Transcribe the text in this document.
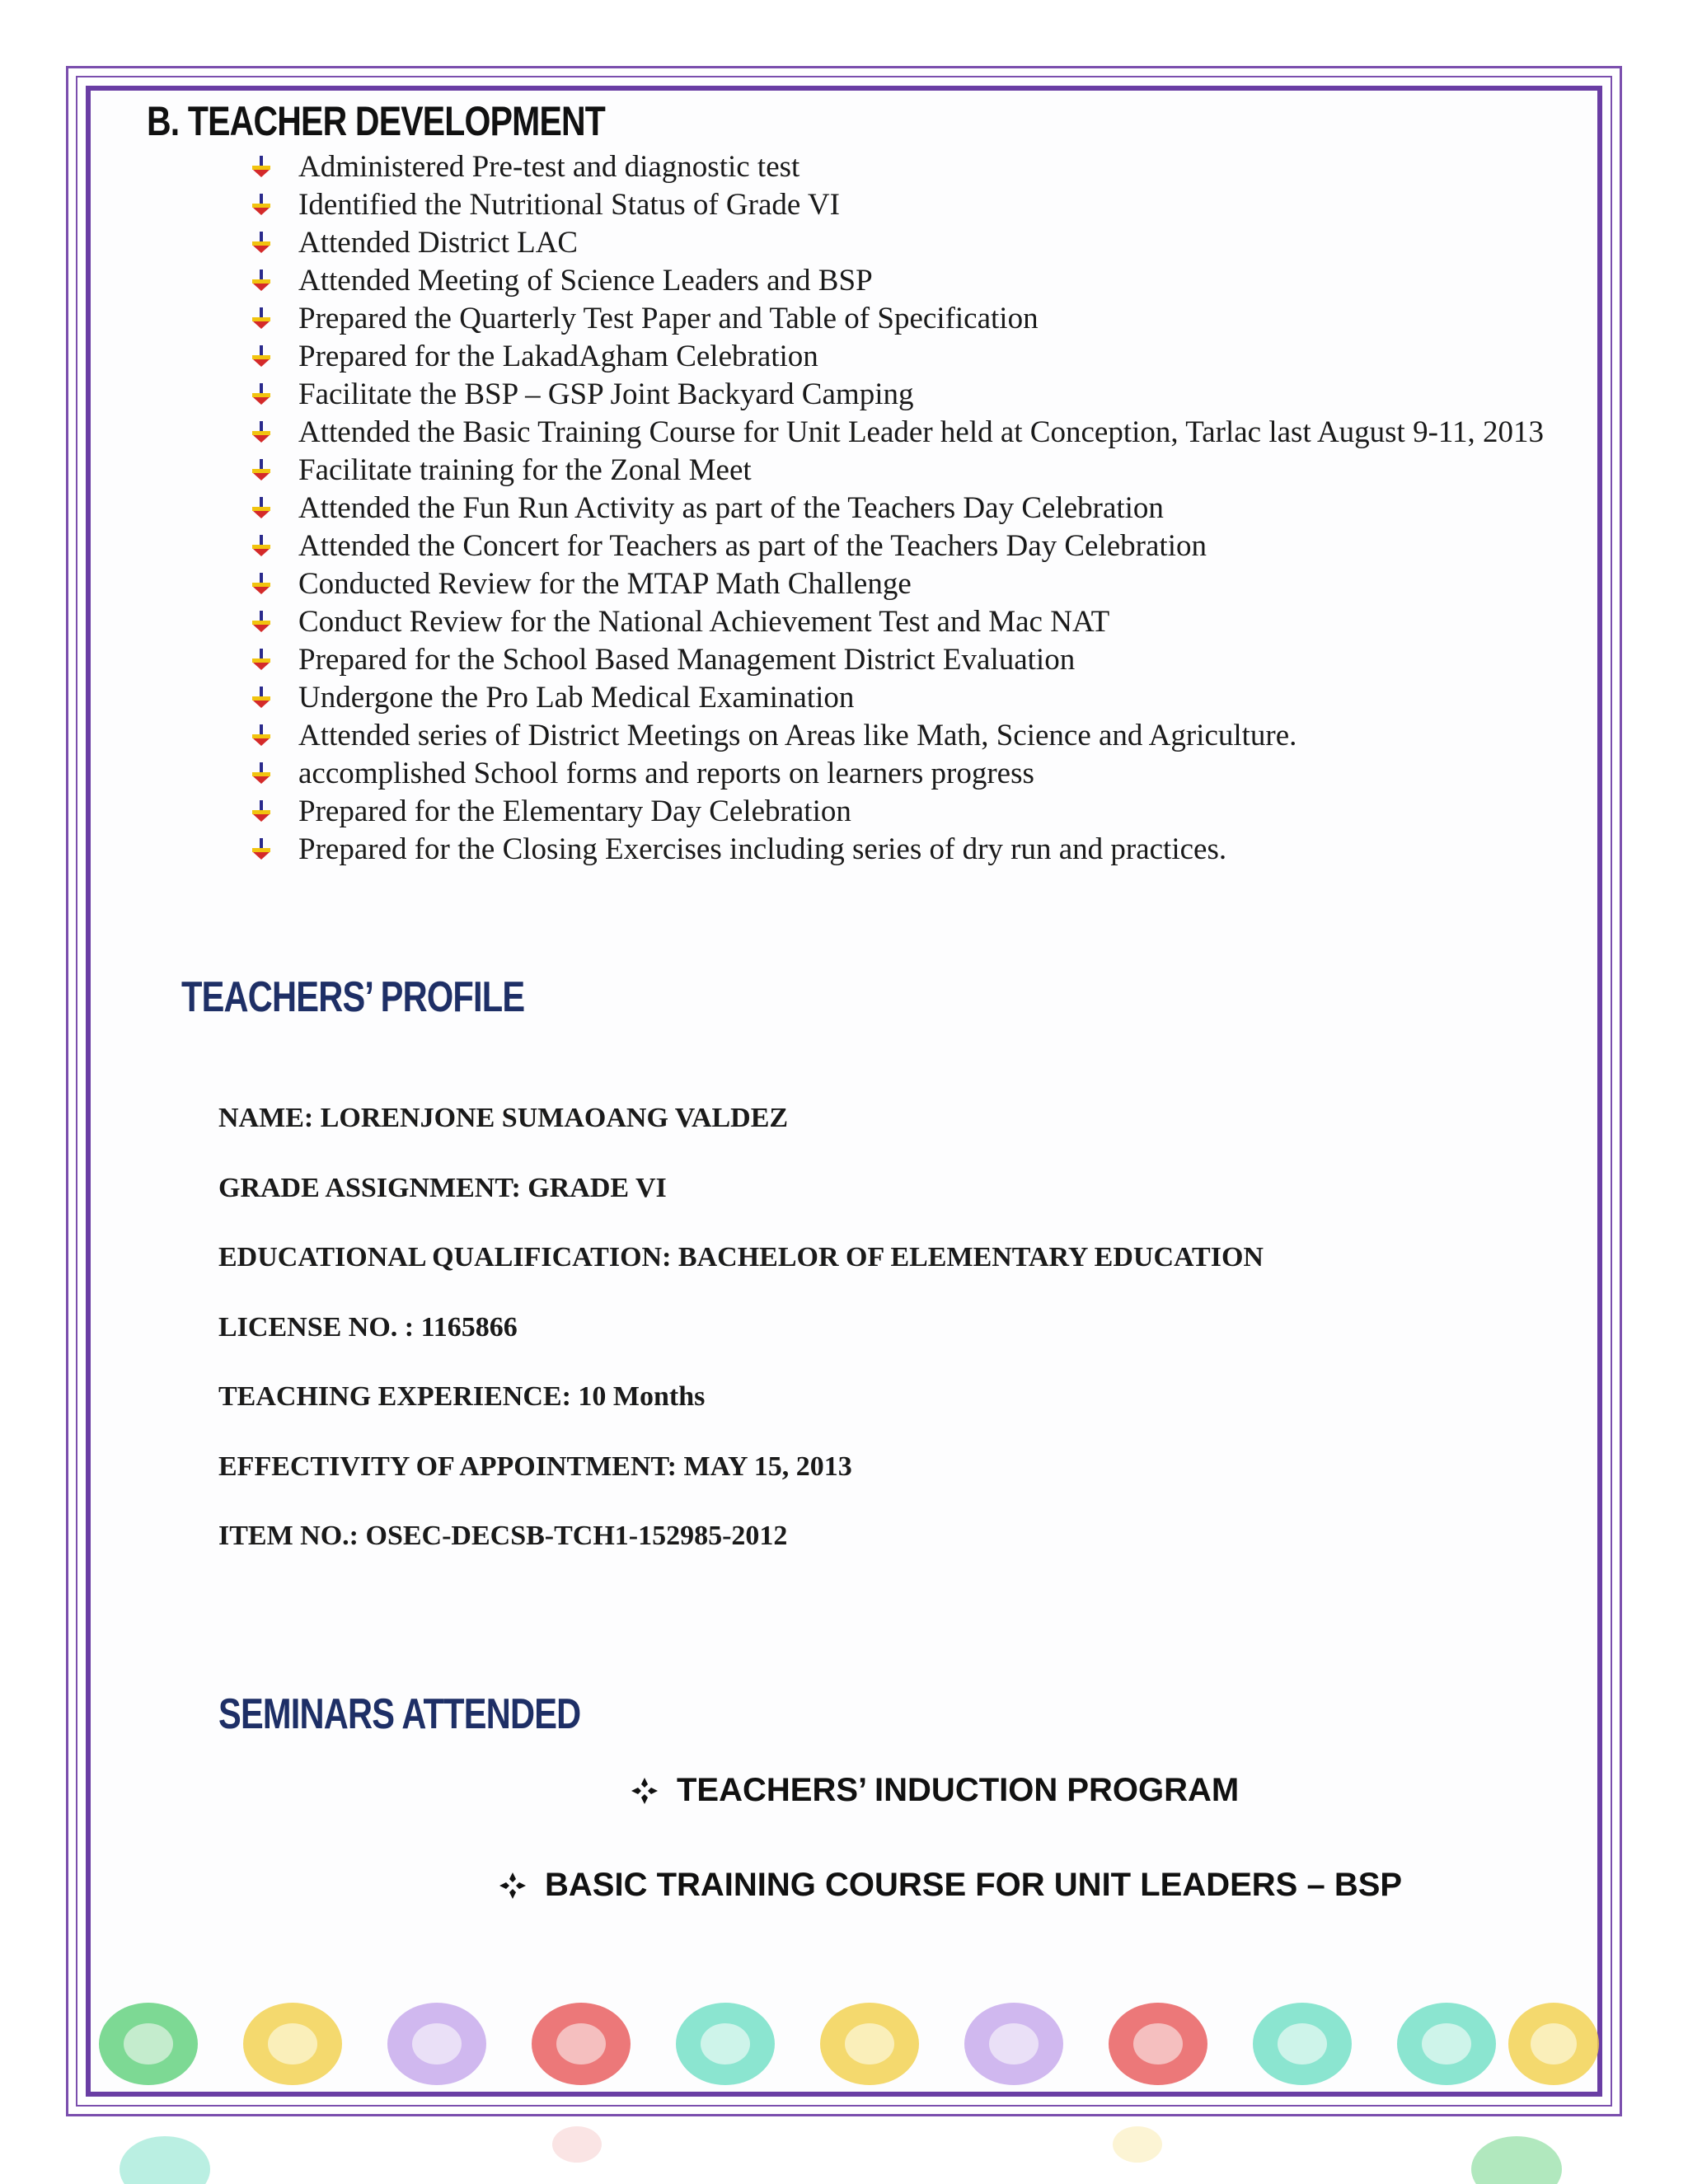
B. TEACHER DEVELOPMENT
Administered Pre-test and diagnostic test
Identified the Nutritional Status of Grade VI
Attended District LAC
Attended Meeting of Science Leaders and BSP
Prepared the Quarterly Test Paper and Table of Specification
Prepared for the LakadAgham Celebration
Facilitate the BSP – GSP Joint Backyard Camping
Attended the Basic Training Course for Unit Leader held at Conception, Tarlac last August 9-11, 2013
Facilitate training for the Zonal Meet
Attended the Fun Run Activity as part of the Teachers Day Celebration
Attended the Concert for Teachers as part of the Teachers Day Celebration
Conducted Review for the MTAP Math Challenge
Conduct Review for the National Achievement Test and Mac NAT
Prepared for the School Based Management District Evaluation
Undergone the Pro Lab Medical Examination
Attended series of District Meetings on Areas like Math, Science and Agriculture.
accomplished School forms and reports on learners progress
Prepared for the Elementary Day Celebration
Prepared for the Closing Exercises including series of dry run and practices.
TEACHERS’ PROFILE
NAME: LORENJONE SUMAOANG VALDEZ
GRADE ASSIGNMENT: GRADE VI
EDUCATIONAL QUALIFICATION: BACHELOR OF ELEMENTARY EDUCATION
LICENSE NO. : 1165866
TEACHING EXPERIENCE: 10 Months
EFFECTIVITY OF APPOINTMENT: MAY 15, 2013
ITEM NO.: OSEC-DECSB-TCH1-152985-2012
SEMINARS ATTENDED
TEACHERS’ INDUCTION PROGRAM
BASIC TRAINING COURSE FOR UNIT LEADERS – BSP
